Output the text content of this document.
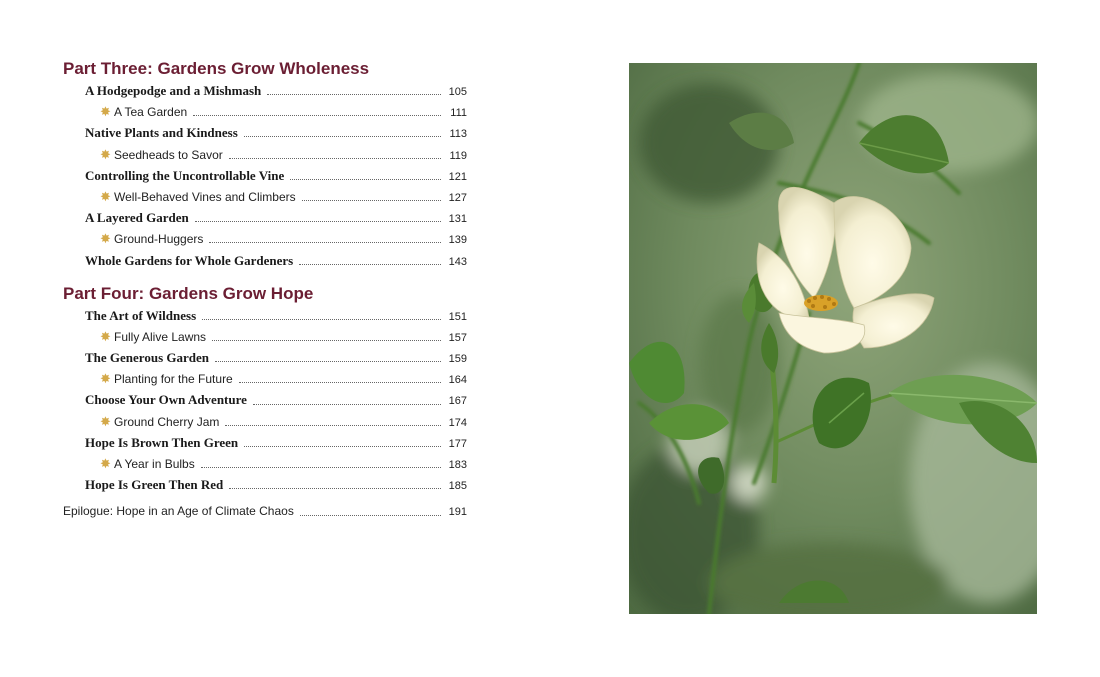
Part Three: Gardens Grow Wholeness
A Hodgepodge and a Mishmash	105
✸ A Tea Garden	111
Native Plants and Kindness	113
✸ Seedheads to Savor	119
Controlling the Uncontrollable Vine	121
✸ Well-Behaved Vines and Climbers	127
A Layered Garden	131
✸ Ground-Huggers	139
Whole Gardens for Whole Gardeners	143
Part Four: Gardens Grow Hope
The Art of Wildness	151
✸ Fully Alive Lawns	157
The Generous Garden	159
✸ Planting for the Future	164
Choose Your Own Adventure	167
✸ Ground Cherry Jam	174
Hope Is Brown Then Green	177
✸ A Year in Bulbs	183
Hope Is Green Then Red	185
Epilogue: Hope in an Age of Climate Chaos	191
